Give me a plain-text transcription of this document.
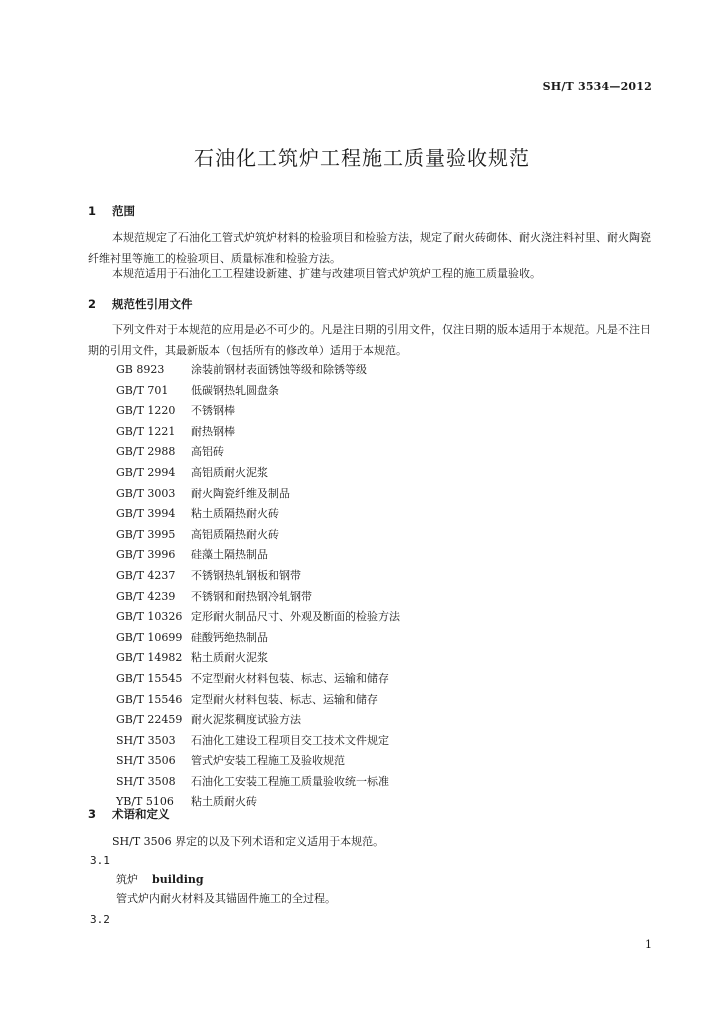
SH/T 3534—2012
石油化工筑炉工程施工质量验收规范
1 范围
本规范规定了石油化工管式炉筑炉材料的检验项目和检验方法，规定了耐火砖砌体、耐火浇注料衬里、耐火陶瓷纤维衬里等施工的检验项目、质量标准和检验方法。
本规范适用于石油化工工程建设新建、扩建与改建项目管式炉筑炉工程的施工质量验收。
2 规范性引用文件
下列文件对于本规范的应用是必不可少的。凡是注日期的引用文件，仅注日期的版本适用于本规范。凡是不注日期的引用文件，其最新版本（包括所有的修改单）适用于本规范。
GB 8923 涂装前钢材表面锈蚀等级和除锈等级
GB/T 701 低碳钢热轧圆盘条
GB/T 1220 不锈钢棒
GB/T 1221 耐热钢棒
GB/T 2988 高铝砖
GB/T 2994 高铝质耐火泥浆
GB/T 3003 耐火陶瓷纤维及制品
GB/T 3994 粘土质隔热耐火砖
GB/T 3995 高铝质隔热耐火砖
GB/T 3996 硅藻土隔热制品
GB/T 4237 不锈钢热轧钢板和钢带
GB/T 4239 不锈钢和耐热钢冷轧钢带
GB/T 10326 定形耐火制品尺寸、外观及断面的检验方法
GB/T 10699 硅酸钙绝热制品
GB/T 14982 粘土质耐火泥浆
GB/T 15545 不定型耐火材料包装、标志、运输和储存
GB/T 15546 定型耐火材料包装、标志、运输和储存
GB/T 22459 耐火泥浆稠度试验方法
SH/T 3503 石油化工建设工程项目交工技术文件规定
SH/T 3506 管式炉安装工程施工及验收规范
SH/T 3508 石油化工安装工程施工质量验收统一标准
YB/T 5106 粘土质耐火砖
3 术语和定义
SH/T 3506 界定的以及下列术语和定义适用于本规范。
3.1
筑炉 building
管式炉内耐火材料及其锚固件施工的全过程。
3.2
1
